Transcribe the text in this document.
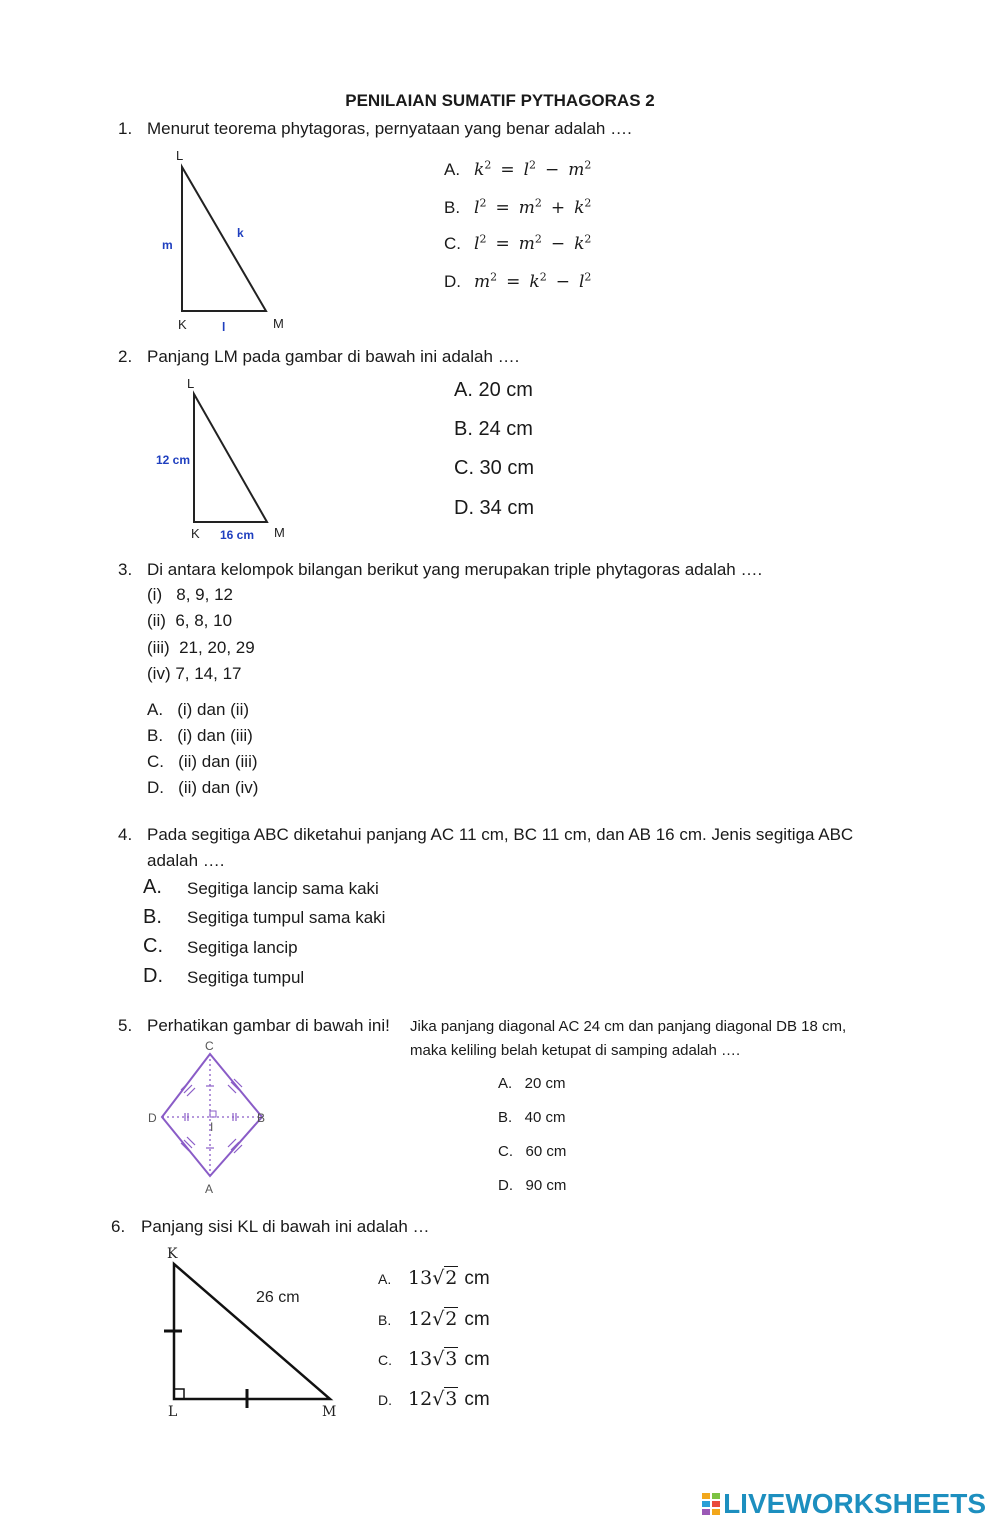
PENILAIAN SUMATIF PYTHAGORAS 2
1. Menurut teorema phytagoras, pernyataan yang benar adalah ….
L
K	M
m
k
l
A. $k^2 = l^2 - m^2$
B. $l^2 = m^2 + k^2$
C. $l^2 = m^2 - k^2$
D. $m^2 = k^2 - l^2$
2. Panjang LM pada gambar di bawah ini adalah ….
L
K	M
12 cm
16 cm
A. 20 cm
B. 24 cm
C. 30 cm
D. 34 cm
3. Di antara kelompok bilangan berikut yang merupakan triple phytagoras adalah ….
(i)   8, 9, 12
(ii)  6, 8, 10
(iii)  21, 20, 29
(iv) 7, 14, 17
A.   (i) dan (ii)
B.   (i) dan (iii)
C.   (ii) dan (iii)
D.   (ii) dan (iv)
4. Pada segitiga ABC diketahui panjang AC 11 cm, BC 11 cm, dan AB 16 cm. Jenis segitiga ABC
adalah ….
A. Segitiga lancip sama kaki
B. Segitiga tumpul sama kaki
C. Segitiga lancip
D. Segitiga tumpul
5. Perhatikan gambar di bawah ini! Jika panjang diagonal AC 24 cm dan panjang diagonal DB 18 cm,
maka keliling belah ketupat di samping adalah ….
C
D	B
A
I
A.   20 cm
B.   40 cm
C.   60 cm
D.   90 cm
6. Panjang sisi KL di bawah ini adalah …
K
L	M
26 cm
A. 13√2 cm
B. 12√2 cm
C. 13√3 cm
D. 12√3 cm
LIVEWORKSHEETS
